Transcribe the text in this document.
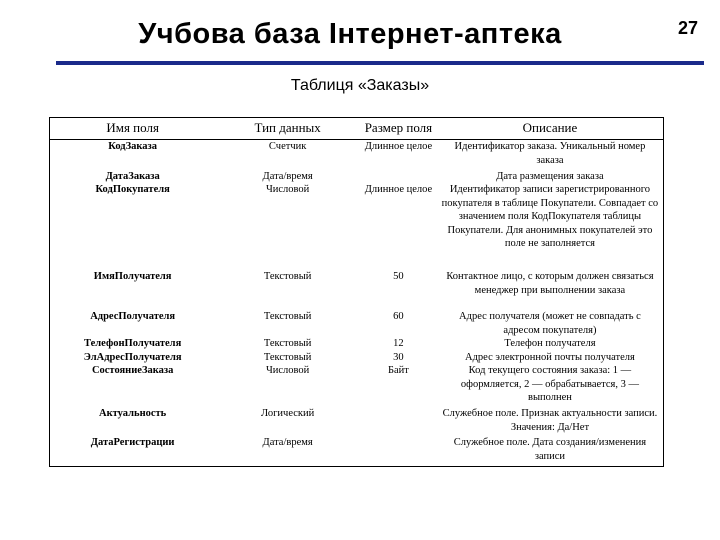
Учбова база Інтернет-аптека	27
Таблиця «Заказы»
Имя поля	Тип данных	Размер поля	Описание
КодЗаказа	Счетчик	Длинное целое	Идентификатор заказа. Уникальный номер заказа
ДатаЗаказа	Дата/время		Дата размещения заказа
КодПокупателя	Числовой	Длинное целое	Идентификатор записи зарегистрированного покупателя в таблице Покупатели. Совпадает со значением поля КодПокупателя таблицы Покупатели. Для анонимных покупателей это поле не заполняется
ИмяПолучателя	Текстовый	50	Контактное лицо, с которым должен связаться менеджер при выполнении заказа
АдресПолучателя	Текстовый	60	Адрес получателя (может не совпадать с адресом покупателя)
ТелефонПолучателя	Текстовый	12	Телефон получателя
ЭлАдресПолучателя	Текстовый	30	Адрес электронной почты получателя
СостояниеЗаказа	Числовой	Байт	Код текущего состояния заказа: 1 — оформляется, 2 — обрабатывается, 3 — выполнен
Актуальность	Логический		Служебное поле. Признак актуальности записи. Значения: Да/Нет
ДатаРегистрации	Дата/время		Служебное поле. Дата создания/изменения записи
